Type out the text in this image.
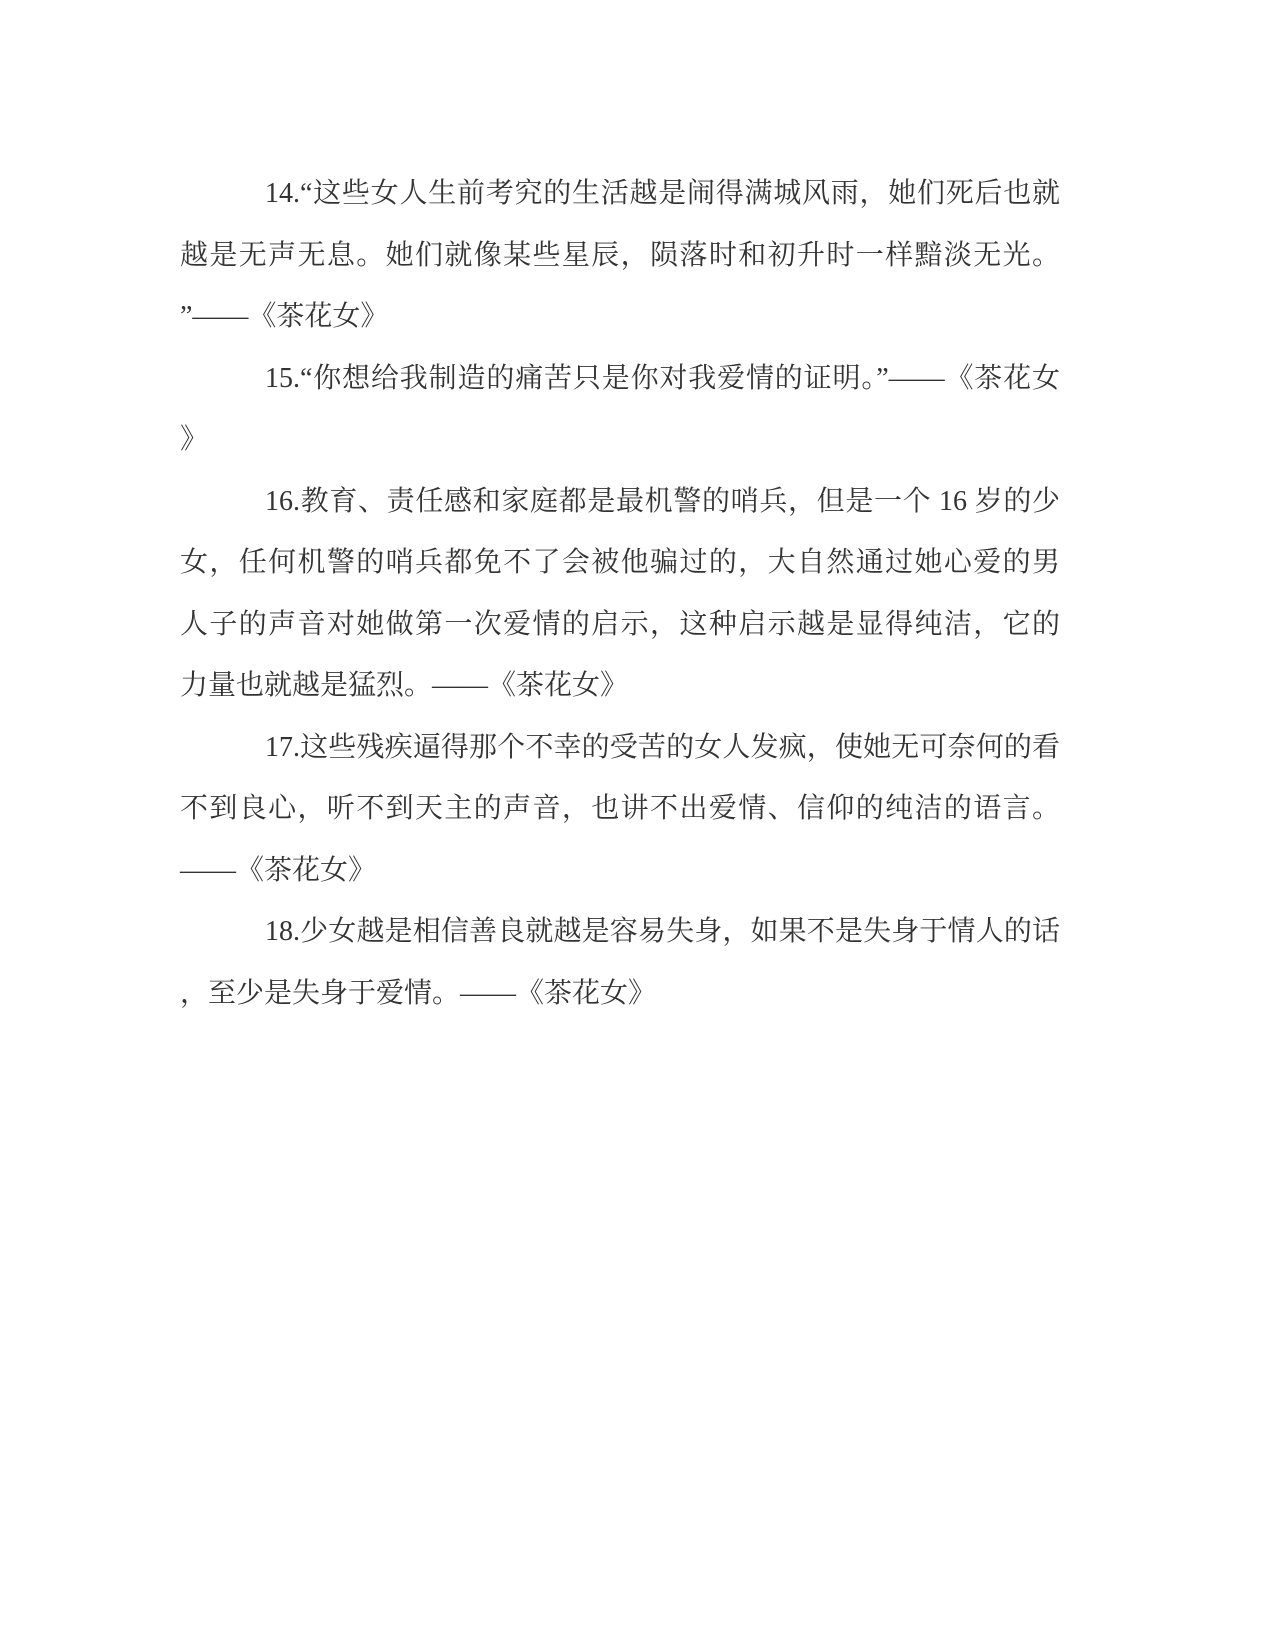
14.“这些女人生前考究的生活越是闹得满城风雨，她们死后也就
越是无声无息。她们就像某些星辰，陨落时和初升时一样黯淡无光。
”——《茶花女》
15.“你想给我制造的痛苦只是你对我爱情的证明。”——《茶花女
》
16.教育、责任感和家庭都是最机警的哨兵，但是一个 16 岁的少
女，任何机警的哨兵都免不了会被他骗过的，大自然通过她心爱的男
人子的声音对她做第一次爱情的启示，这种启示越是显得纯洁，它的
力量也就越是猛烈。——《茶花女》
17.这些残疾逼得那个不幸的受苦的女人发疯，使她无可奈何的看
不到良心，听不到天主的声音，也讲不出爱情、信仰的纯洁的语言。
——《茶花女》
18.少女越是相信善良就越是容易失身，如果不是失身于情人的话
，至少是失身于爱情。——《茶花女》
